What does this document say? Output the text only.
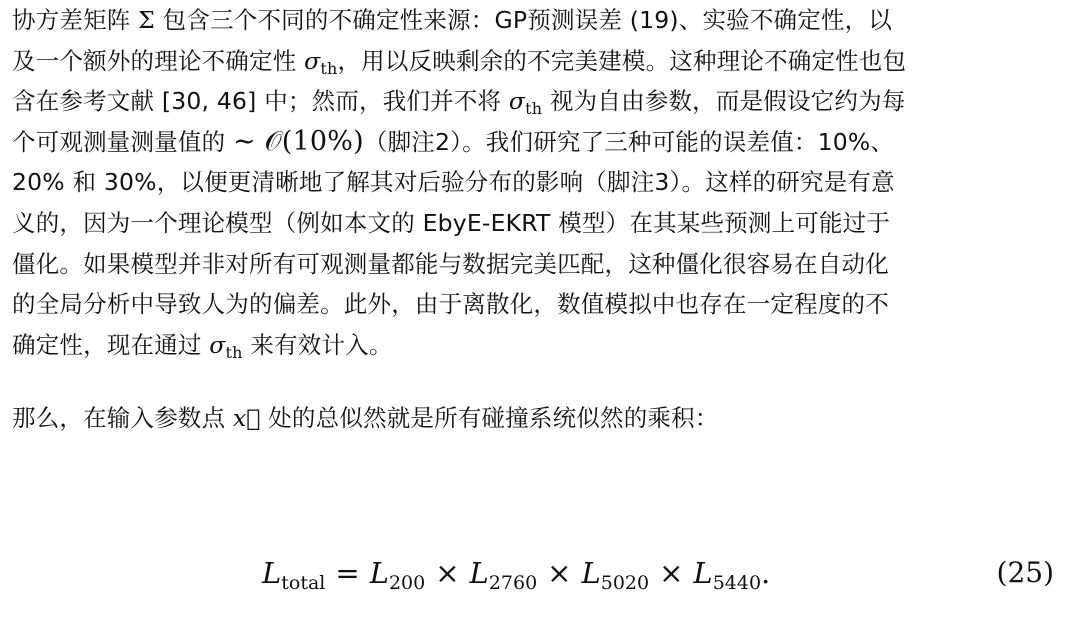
协方差矩阵 Σ 包含三个不同的不确定性来源：GP预测误差 (19)、实验不确定性，以
及一个额外的理论不确定性 $\sigma_{th}$，用以反映剩余的不完美建模。这种理论不确定性也包
含在参考文献 [30, 46] 中；然而，我们并不将 $\sigma_{th}$ 视为自由参数，而是假设它约为每
个可观测量测量值的 ∼ 𝒪(10%)（脚注2）。我们研究了三种可能的误差值：10%、
20% 和 30%，以便更清晰地了解其对后验分布的影响（脚注3）。这样的研究是有意
义的，因为一个理论模型（例如本文的 EbyE-EKRT 模型）在其某些预测上可能过于
僵化。如果模型并非对所有可观测量都能与数据完美匹配，这种僵化很容易在自动化
的全局分析中导致人为的偏差。此外，由于离散化，数值模拟中也存在一定程度的不
确定性，现在通过 $\sigma_{th}$ 来有效计入。

那么，在输入参数点 x⃗ 处的总似然就是所有碰撞系统似然的乘积：

$L_{total} = L_{200} \times L_{2760} \times L_{5020} \times L_{5440}$.	(25)
